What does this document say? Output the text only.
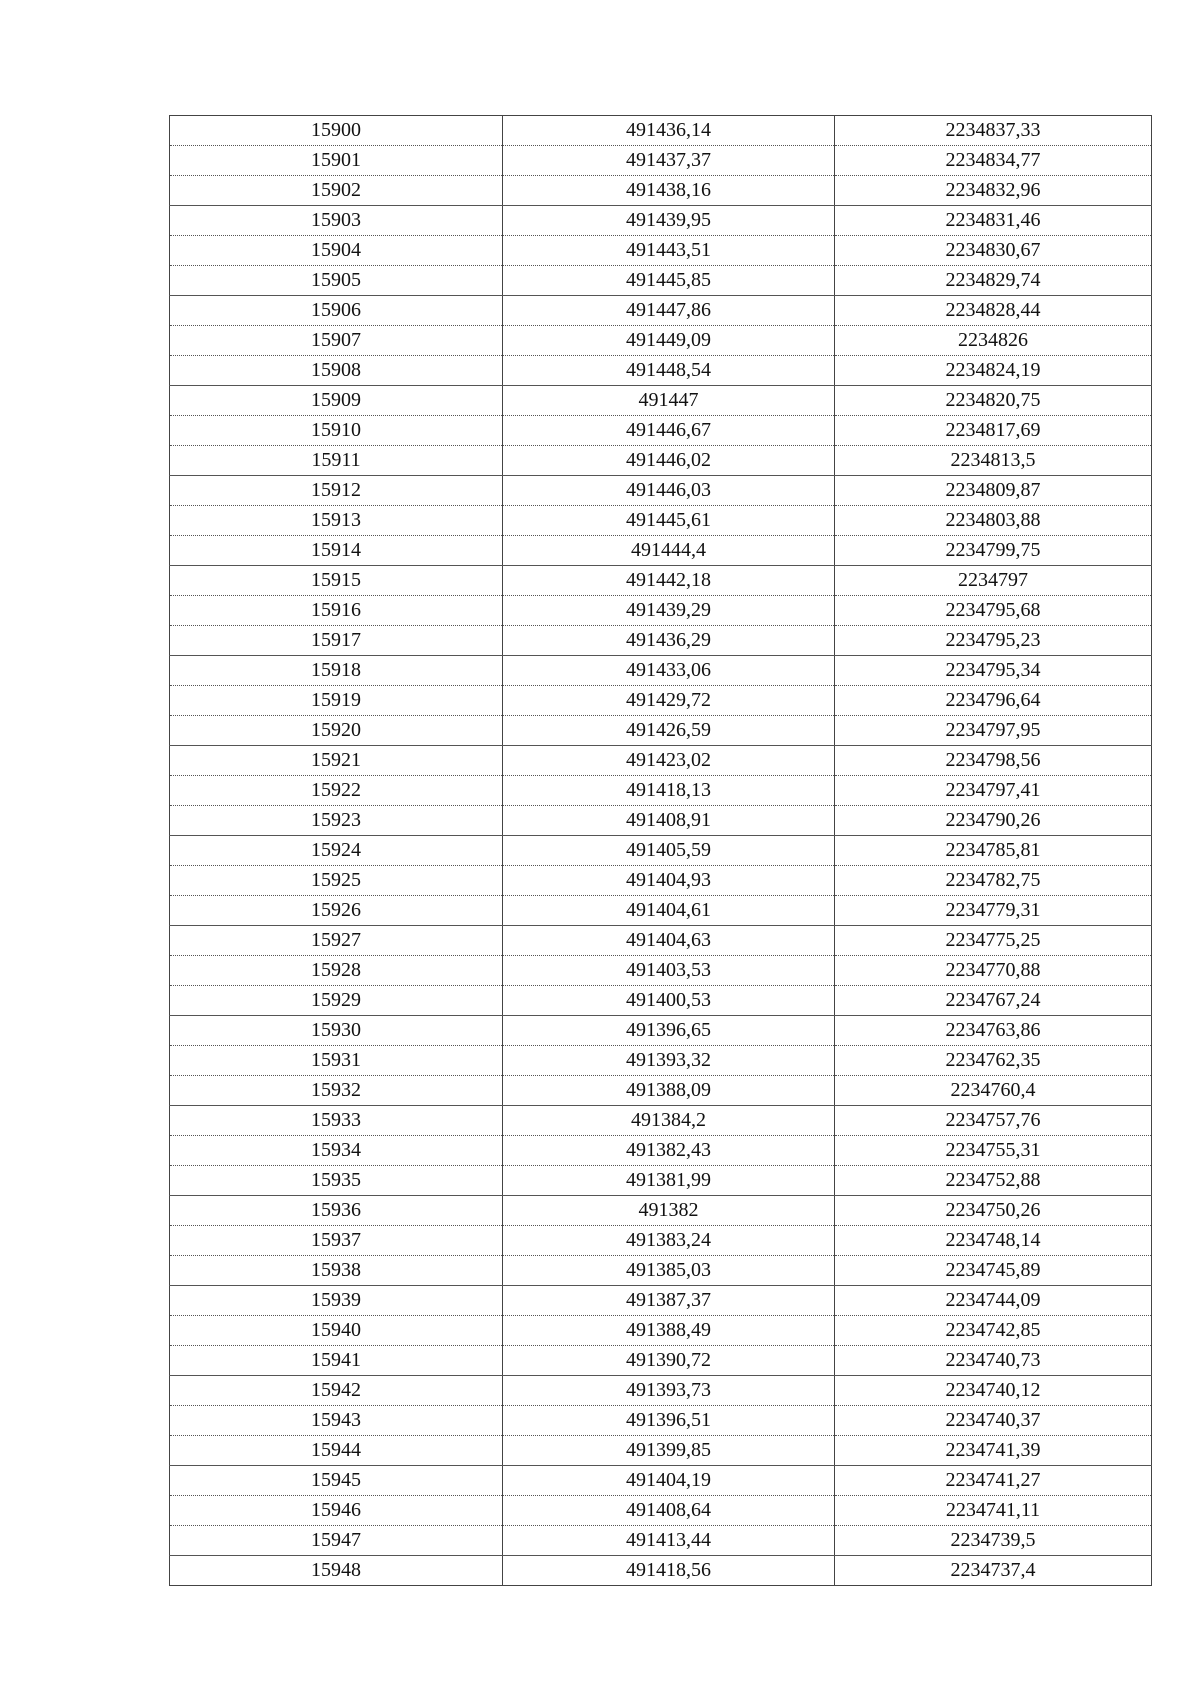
15900	491436,14	2234837,33
15901	491437,37	2234834,77
15902	491438,16	2234832,96
15903	491439,95	2234831,46
15904	491443,51	2234830,67
15905	491445,85	2234829,74
15906	491447,86	2234828,44
15907	491449,09	2234826
15908	491448,54	2234824,19
15909	491447	2234820,75
15910	491446,67	2234817,69
15911	491446,02	2234813,5
15912	491446,03	2234809,87
15913	491445,61	2234803,88
15914	491444,4	2234799,75
15915	491442,18	2234797
15916	491439,29	2234795,68
15917	491436,29	2234795,23
15918	491433,06	2234795,34
15919	491429,72	2234796,64
15920	491426,59	2234797,95
15921	491423,02	2234798,56
15922	491418,13	2234797,41
15923	491408,91	2234790,26
15924	491405,59	2234785,81
15925	491404,93	2234782,75
15926	491404,61	2234779,31
15927	491404,63	2234775,25
15928	491403,53	2234770,88
15929	491400,53	2234767,24
15930	491396,65	2234763,86
15931	491393,32	2234762,35
15932	491388,09	2234760,4
15933	491384,2	2234757,76
15934	491382,43	2234755,31
15935	491381,99	2234752,88
15936	491382	2234750,26
15937	491383,24	2234748,14
15938	491385,03	2234745,89
15939	491387,37	2234744,09
15940	491388,49	2234742,85
15941	491390,72	2234740,73
15942	491393,73	2234740,12
15943	491396,51	2234740,37
15944	491399,85	2234741,39
15945	491404,19	2234741,27
15946	491408,64	2234741,11
15947	491413,44	2234739,5
15948	491418,56	2234737,4
